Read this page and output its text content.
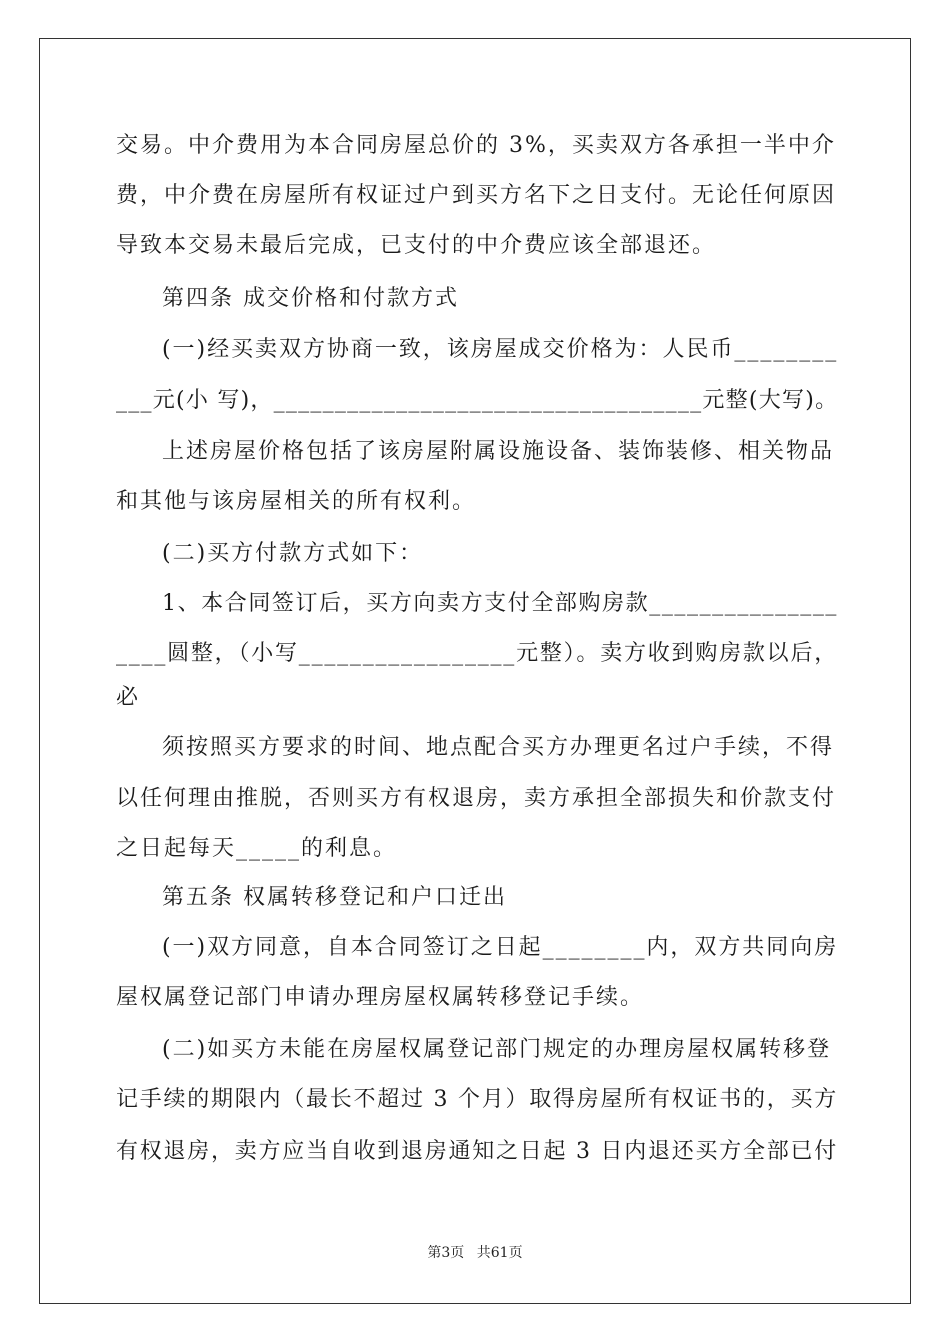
交易。中介费用为本合同房屋总价的 3%，买卖双方各承担一半中介
费，中介费在房屋所有权证过户到买方名下之日支付。无论任何原因
导致本交易未最后完成，已支付的中介费应该全部退还。
第四条 成交价格和付款方式
(一)经买卖双方协商一致，该房屋成交价格为：人民币________
___元(小 写)，___________________________________元整(大写)。
上述房屋价格包括了该房屋附属设施设备、装饰装修、相关物品
和其他与该房屋相关的所有权利。
(二)买方付款方式如下：
1、本合同签订后，买方向卖方支付全部购房款_______________
____圆整，（小写_________________元整）。卖方收到购房款以后，
必
须按照买方要求的时间、地点配合买方办理更名过户手续，不得
以任何理由推脱，否则买方有权退房，卖方承担全部损失和价款支付
之日起每天_____的利息。
第五条 权属转移登记和户口迁出
(一)双方同意，自本合同签订之日起________内，双方共同向房
屋权属登记部门申请办理房屋权属转移登记手续。
(二)如买方未能在房屋权属登记部门规定的办理房屋权属转移登
记手续的期限内（最长不超过 3 个月）取得房屋所有权证书的，买方
有权退房，卖方应当自收到退房通知之日起 3 日内退还买方全部已付
第3页 共61页
